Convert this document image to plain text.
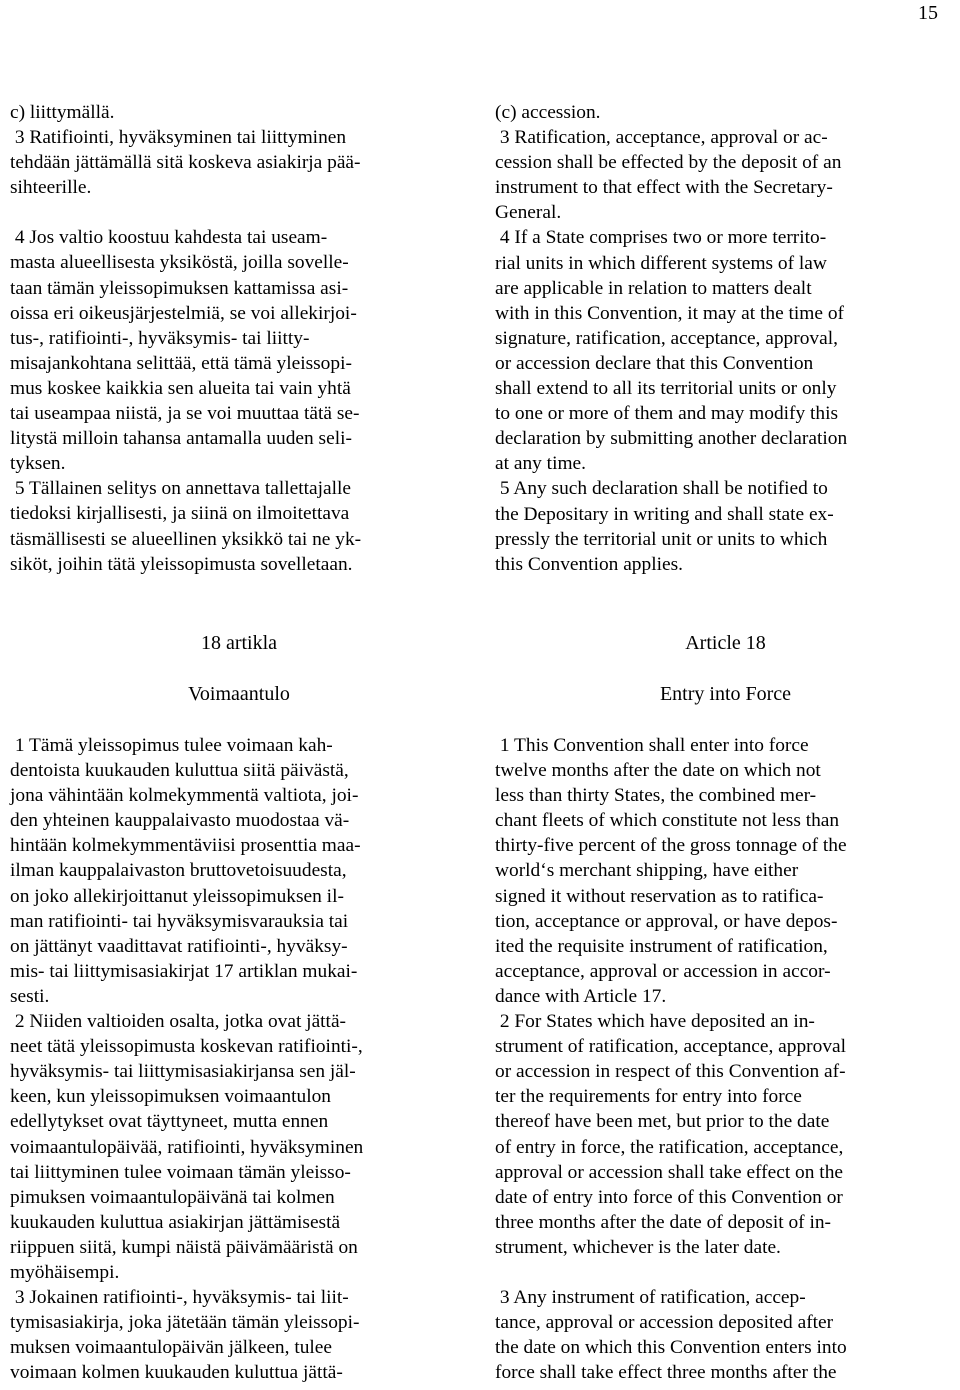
15
c) liittymällä.
3 Ratifiointi, hyväksyminen tai liittyminen
tehdään jättämällä sitä koskeva asiakirja pää-
sihteerille.
4 Jos valtio koostuu kahdesta tai useam-
masta alueellisesta yksiköstä, joilla sovelle-
taan tämän yleissopimuksen kattamissa asi-
oissa eri oikeusjärjestelmiä, se voi allekirjoi-
tus-, ratifiointi-, hyväksymis- tai liitty-
misajankohtana selittää, että tämä yleissopi-
mus koskee kaikkia sen alueita tai vain yhtä
tai useampaa niistä, ja se voi muuttaa tätä se-
litystä milloin tahansa antamalla uuden seli-
tyksen.
5 Tällainen selitys on annettava tallettajalle
tiedoksi kirjallisesti, ja siinä on ilmoitettava
täsmällisesti se alueellinen yksikkö tai ne yk-
siköt, joihin tätä yleissopimusta sovelletaan.
(c) accession.
3 Ratification, acceptance, approval or ac-
cession shall be effected by the deposit of an
instrument to that effect with the Secretary-
General.
4 If a State comprises two or more territo-
rial units in which different systems of law
are applicable in relation to matters dealt
with in this Convention, it may at the time of
signature, ratification, acceptance, approval,
or accession declare that this Convention
shall extend to all its territorial units or only
to one or more of them and may modify this
declaration by submitting another declaration
at any time.
5 Any such declaration shall be notified to
the Depositary in writing and shall state ex-
pressly the territorial unit or units to which
this Convention applies.
18 artikla	Article 18
Voimaantulo	Entry into Force
1 Tämä yleissopimus tulee voimaan kah-
dentoista kuukauden kuluttua siitä päivästä,
jona vähintään kolmekymmentä valtiota, joi-
den yhteinen kauppalaivasto muodostaa vä-
hintään kolmekymmentäviisi prosenttia maa-
ilman kauppalaivaston bruttovetoisuudesta,
on joko allekirjoittanut yleissopimuksen il-
man ratifiointi- tai hyväksymisvarauksia tai
on jättänyt vaadittavat ratifiointi-, hyväksy-
mis- tai liittymisasiakirjat 17 artiklan mukai-
sesti.
2 Niiden valtioiden osalta, jotka ovat jättä-
neet tätä yleissopimusta koskevan ratifiointi-,
hyväksymis- tai liittymisasiakirjansa sen jäl-
keen, kun yleissopimuksen voimaantulon
edellytykset ovat täyttyneet, mutta ennen
voimaantulopäivää, ratifiointi, hyväksyminen
tai liittyminen tulee voimaan tämän yleisso-
pimuksen voimaantulopäivänä tai kolmen
kuukauden kuluttua asiakirjan jättämisestä
riippuen siitä, kumpi näistä päivämääristä on
myöhäisempi.
3 Jokainen ratifiointi-, hyväksymis- tai liit-
tymisasiakirja, joka jätetään tämän yleissopi-
muksen voimaantulopäivän jälkeen, tulee
voimaan kolmen kuukauden kuluttua jättä-
1 This Convention shall enter into force
twelve months after the date on which not
less than thirty States, the combined mer-
chant fleets of which constitute not less than
thirty-five percent of the gross tonnage of the
world‘s merchant shipping, have either
signed it without reservation as to ratifica-
tion, acceptance or approval, or have depos-
ited the requisite instrument of ratification,
acceptance, approval or accession in accor-
dance with Article 17.
2 For States which have deposited an in-
strument of ratification, acceptance, approval
or accession in respect of this Convention af-
ter the requirements for entry into force
thereof have been met, but prior to the date
of entry in force, the ratification, acceptance,
approval or accession shall take effect on the
date of entry into force of this Convention or
three months after the date of deposit of in-
strument, whichever is the later date.
3 Any instrument of ratification, accep-
tance, approval or accession deposited after
the date on which this Convention enters into
force shall take effect three months after the
